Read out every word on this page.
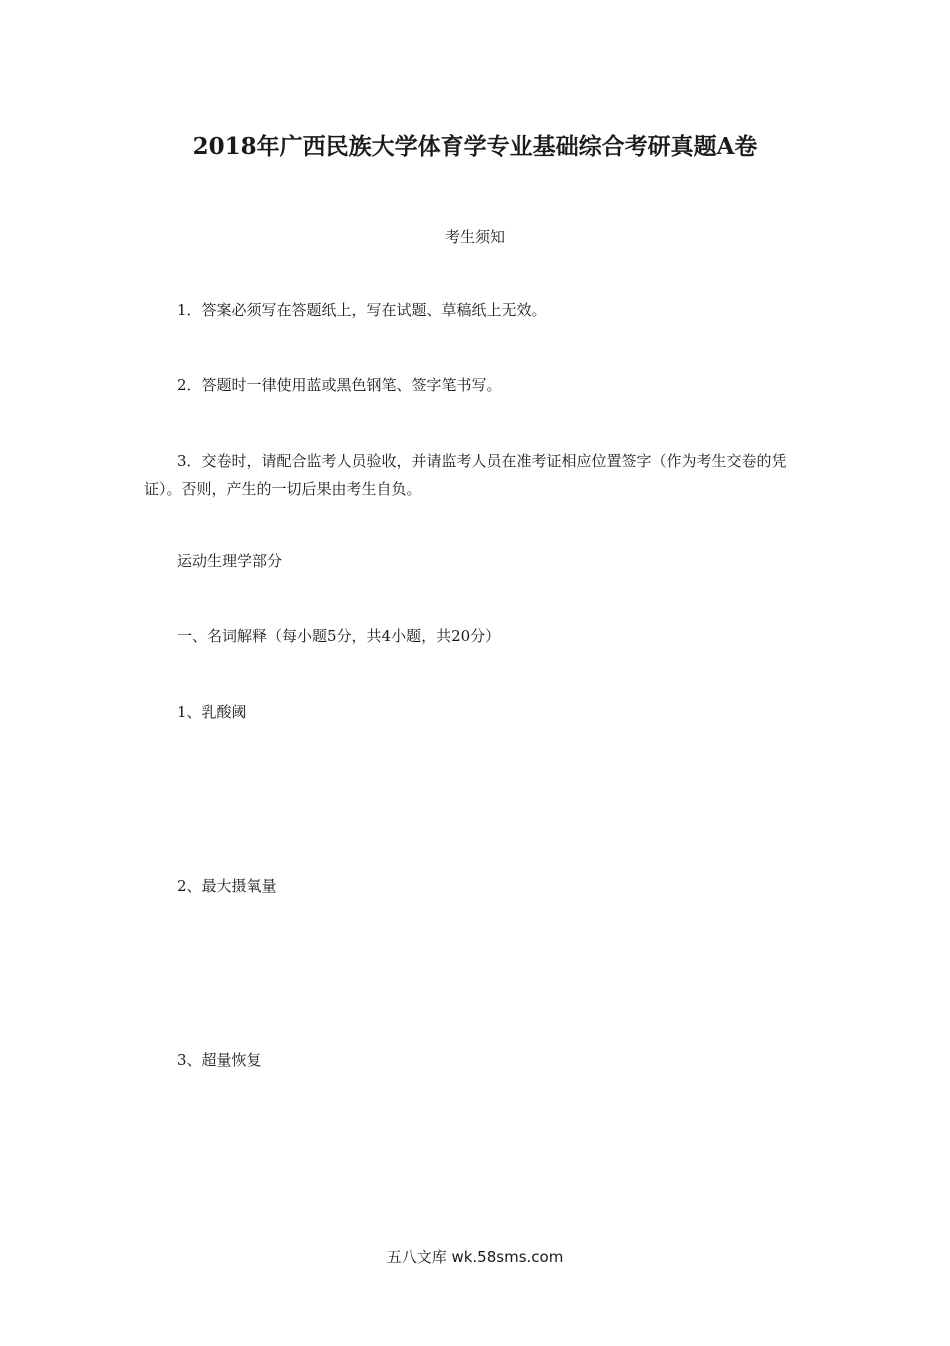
2018年广西民族大学体育学专业基础综合考研真题A卷
考生须知
1．答案必须写在答题纸上，写在试题、草稿纸上无效。
2．答题时一律使用蓝或黑色钢笔、签字笔书写。
3．交卷时，请配合监考人员验收，并请监考人员在准考证相应位置签字（作为考生交卷的凭证）。否则，产生的一切后果由考生自负。
运动生理学部分
一、名词解释（每小题5分，共4小题，共20分）
1、乳酸阈
2、最大摄氧量
3、超量恢复
五八文库 wk.58sms.com
